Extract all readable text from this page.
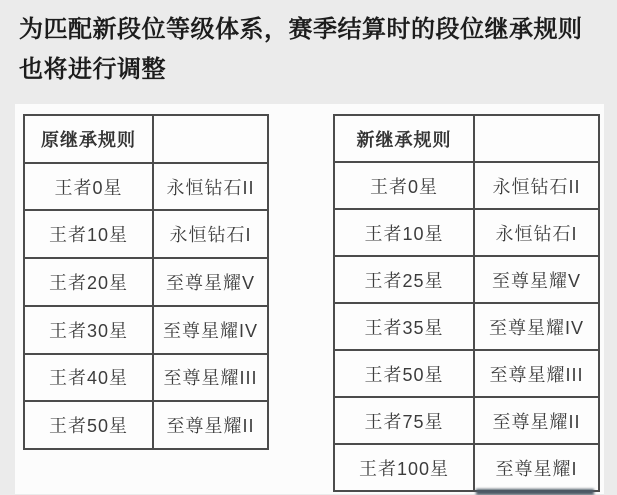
为匹配新段位等级体系，赛季结算时的段位继承规则
也将进行调整
原继承规则	
王者0星	永恒钻石II
王者10星	永恒钻石I
王者20星	至尊星耀V
王者30星	至尊星耀IV
王者40星	至尊星耀III
王者50星	至尊星耀II
新继承规则	
王者0星	永恒钻石II
王者10星	永恒钻石I
王者25星	至尊星耀V
王者35星	至尊星耀IV
王者50星	至尊星耀III
王者75星	至尊星耀II
王者100星	至尊星耀I
